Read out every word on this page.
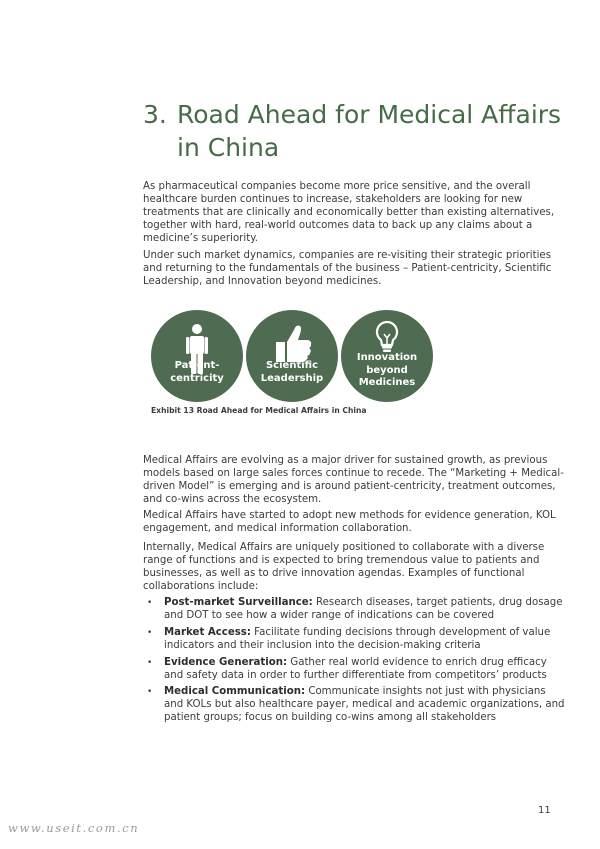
3. Road Ahead for Medical Affairs in China

As pharmaceutical companies become more price sensitive, and the overall healthcare burden continues to increase, stakeholders are looking for new treatments that are clinically and economically better than existing alternatives, together with hard, real-world outcomes data to back up any claims about a medicine’s superiority.

Under such market dynamics, companies are re-visiting their strategic priorities and returning to the fundamentals of the business – Patient-centricity, Scientific Leadership, and Innovation beyond medicines.

Patient-
centricity
Scientific
Leadership
Innovation
beyond
Medicines

Exhibit 13 Road Ahead for Medical Affairs in China

Medical Affairs are evolving as a major driver for sustained growth, as previous models based on large sales forces continue to recede. The “Marketing + Medical-driven Model” is emerging and is around patient-centricity, treatment outcomes, and co-wins across the ecosystem.

Medical Affairs have started to adopt new methods for evidence generation, KOL engagement, and medical information collaboration.

Internally, Medical Affairs are uniquely positioned to collaborate with a diverse range of functions and is expected to bring tremendous value to patients and businesses, as well as to drive innovation agendas. Examples of functional collaborations include:

• Post-market Surveillance: Research diseases, target patients, drug dosage and DOT to see how a wider range of indications can be covered
• Market Access: Facilitate funding decisions through development of value indicators and their inclusion into the decision-making criteria
• Evidence Generation: Gather real world evidence to enrich drug efficacy and safety data in order to further differentiate from competitors’ products
• Medical Communication: Communicate insights not just with physicians and KOLs but also healthcare payer, medical and academic organizations, and patient groups; focus on building co-wins among all stakeholders
11
www.useit.com.cn
